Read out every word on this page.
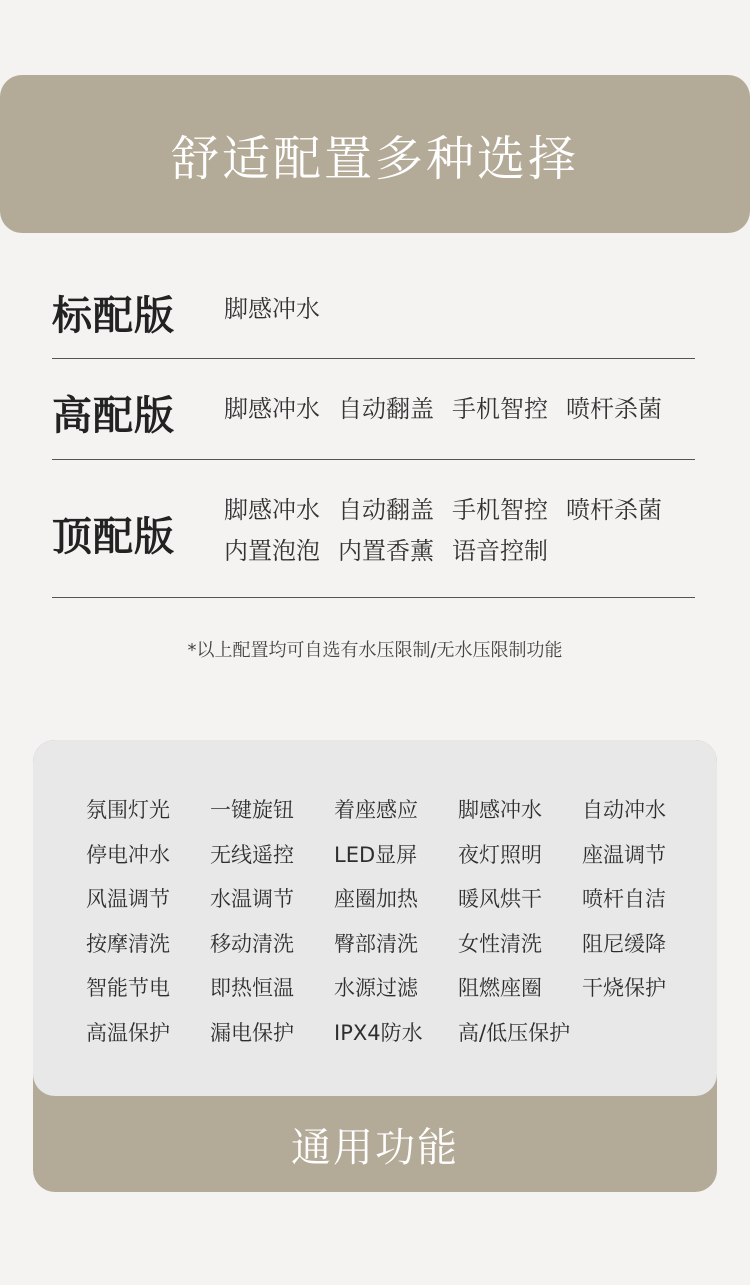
舒适配置多种选择
标配版 脚感冲水
高配版 脚感冲水 自动翻盖 手机智控 喷杆杀菌
顶配版
脚感冲水 自动翻盖 手机智控 喷杆杀菌
内置泡泡 内置香薰 语音控制
*以上配置均可自选有水压限制/无水压限制功能
氛围灯光 一键旋钮 着座感应 脚感冲水 自动冲水
停电冲水 无线遥控 LED显屏 夜灯照明 座温调节
风温调节 水温调节 座圈加热 暖风烘干 喷杆自洁
按摩清洗 移动清洗 臀部清洗 女性清洗 阻尼缓降
智能节电 即热恒温 水源过滤 阻燃座圈 干烧保护
高温保护 漏电保护 IPX4防水 高/低压保护
通用功能
